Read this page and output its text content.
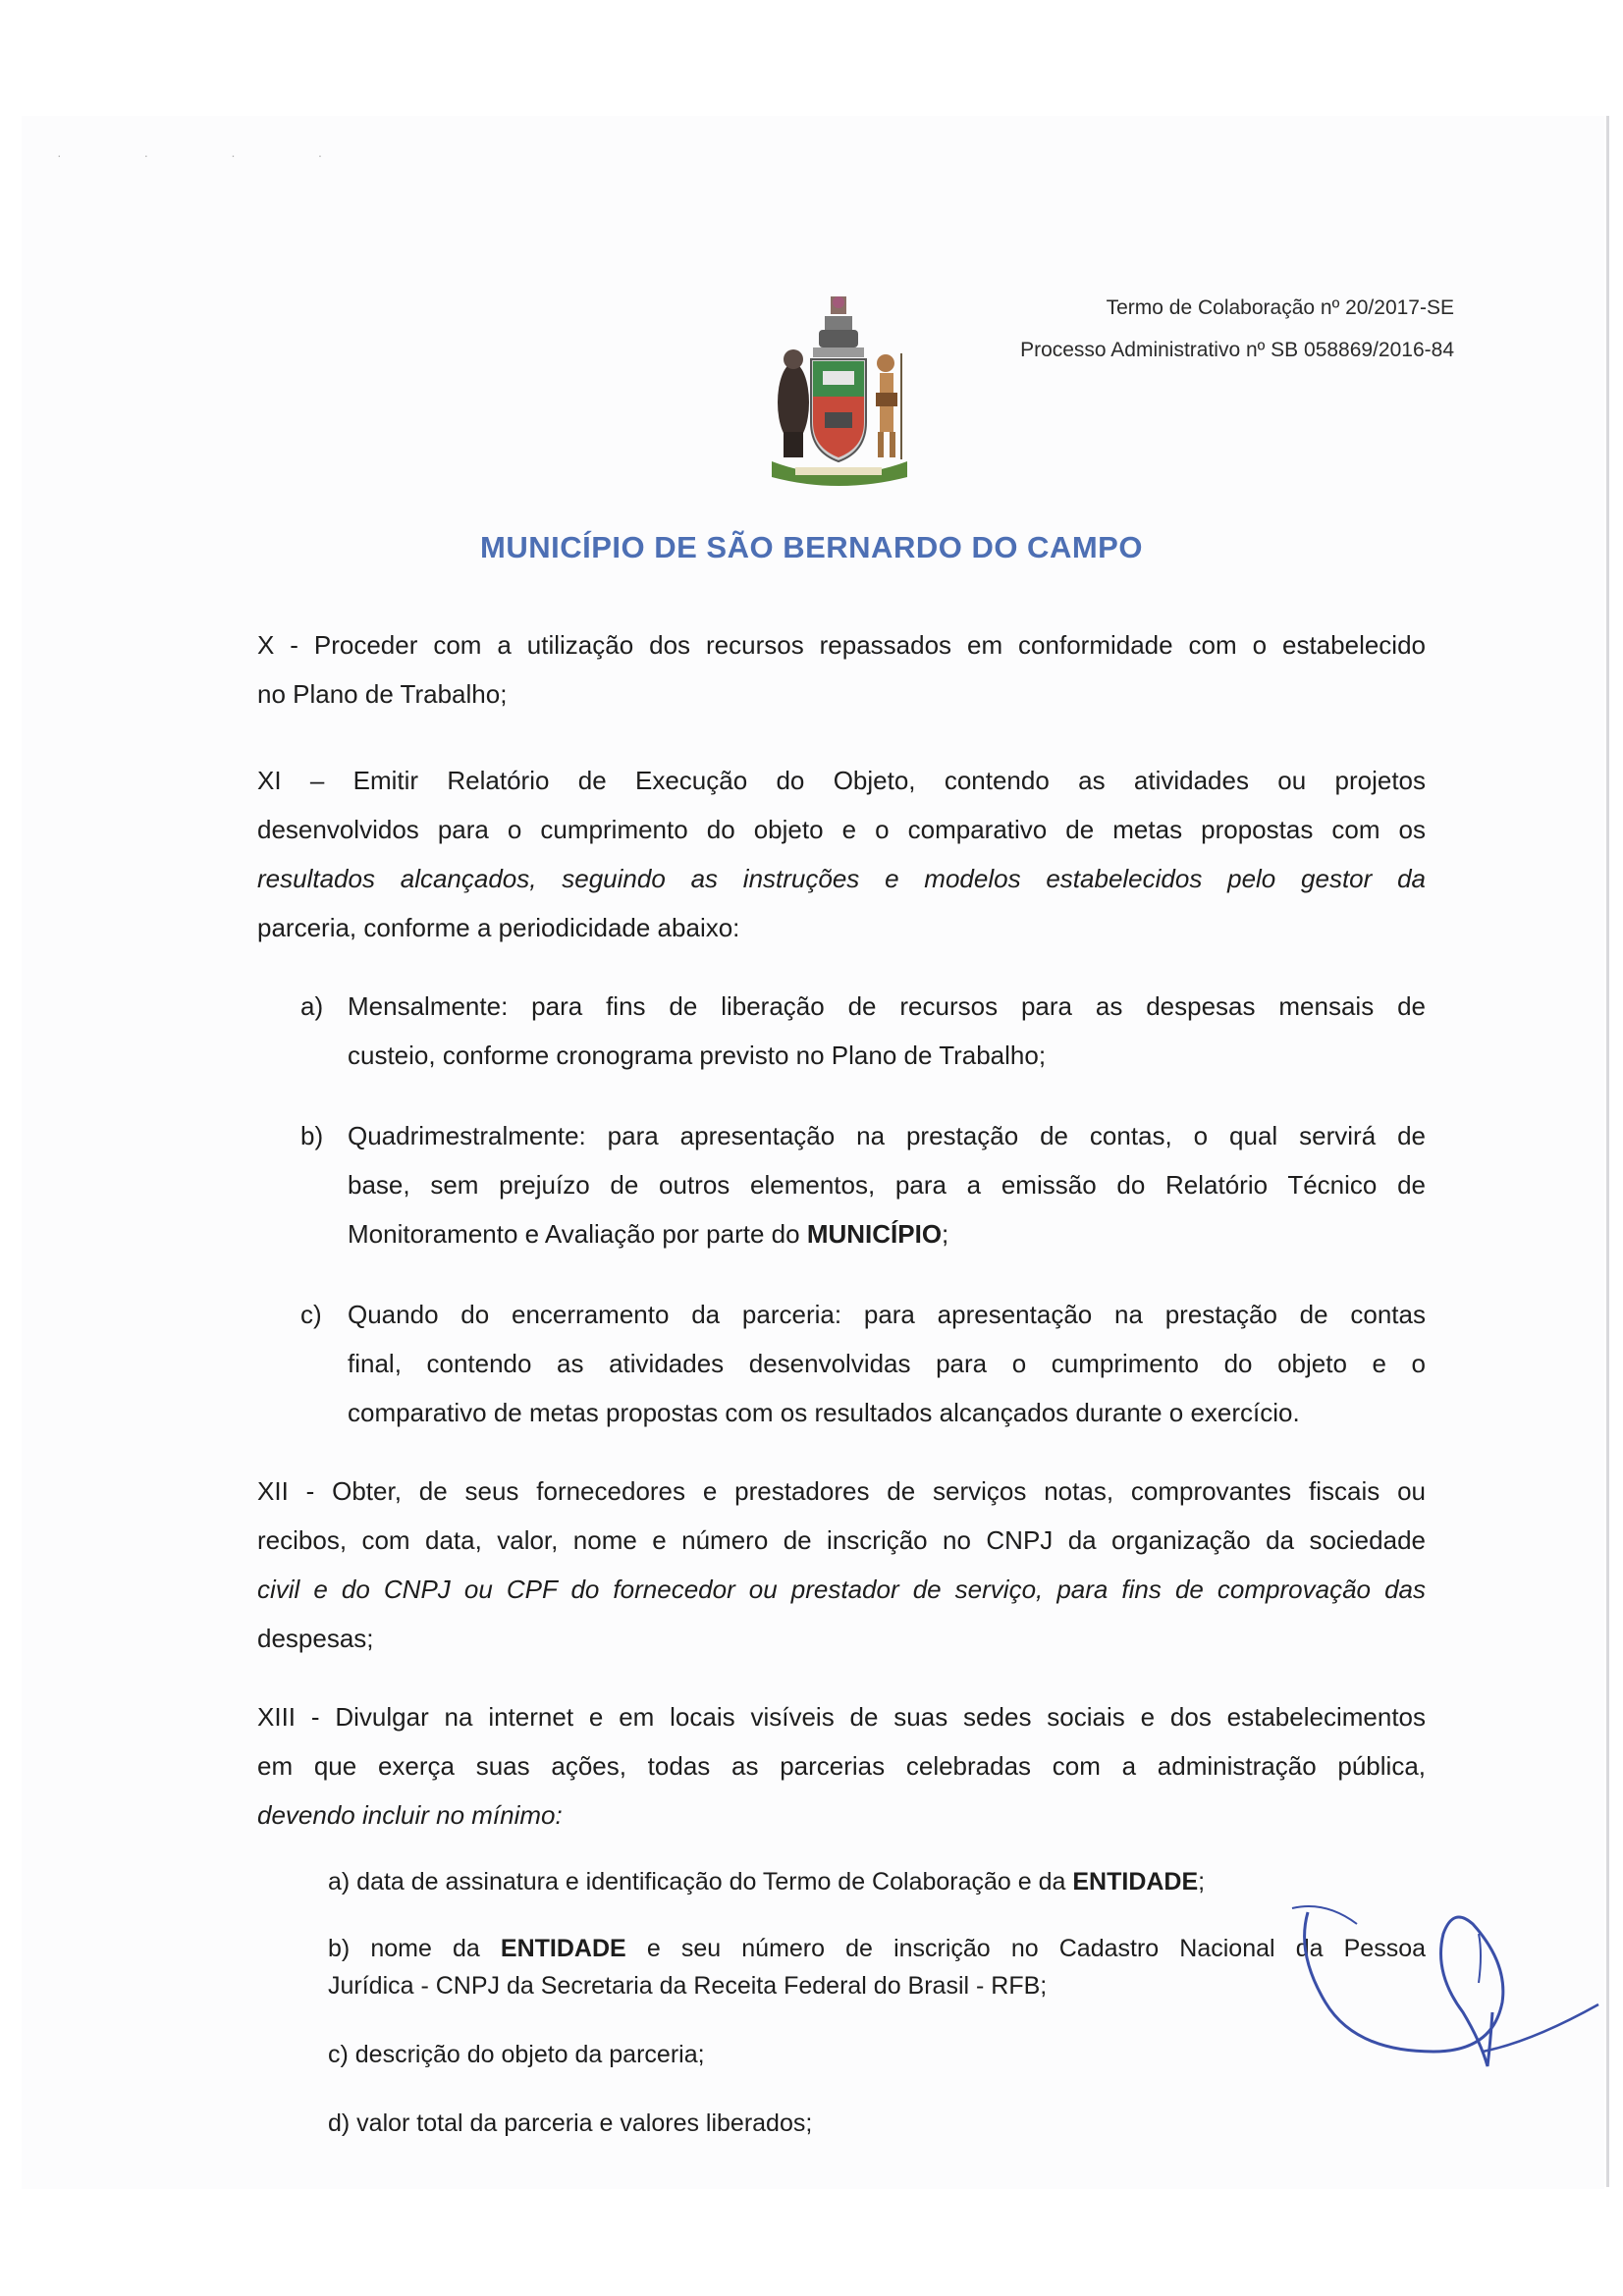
· · · ·
Termo de Colaboração nº 20/2017-SE
Processo Administrativo nº SB 058869/2016-84
MUNICÍPIO DE SÃO BERNARDO DO CAMPO
X - Proceder com a utilização dos recursos repassados em conformidade com o estabelecido
no Plano de Trabalho;
XI – Emitir Relatório de Execução do Objeto, contendo as atividades ou projetos
desenvolvidos para o cumprimento do objeto e o comparativo de metas propostas com os
resultados alcançados, seguindo as instruções e modelos estabelecidos pelo gestor da
parceria, conforme a periodicidade abaixo:
a) Mensalmente: para fins de liberação de recursos para as despesas mensais de
custeio, conforme cronograma previsto no Plano de Trabalho;
b) Quadrimestralmente: para apresentação na prestação de contas, o qual servirá de
base, sem prejuízo de outros elementos, para a emissão do Relatório Técnico de
Monitoramento e Avaliação por parte do MUNICÍPIO;
c) Quando do encerramento da parceria: para apresentação na prestação de contas
final, contendo as atividades desenvolvidas para o cumprimento do objeto e o
comparativo de metas propostas com os resultados alcançados durante o exercício.
XII - Obter, de seus fornecedores e prestadores de serviços notas, comprovantes fiscais ou
recibos, com data, valor, nome e número de inscrição no CNPJ da organização da sociedade
civil e do CNPJ ou CPF do fornecedor ou prestador de serviço, para fins de comprovação das
despesas;
XIII - Divulgar na internet e em locais visíveis de suas sedes sociais e dos estabelecimentos
em que exerça suas ações, todas as parcerias celebradas com a administração pública,
devendo incluir no mínimo:
a) data de assinatura e identificação do Termo de Colaboração e da ENTIDADE;
b) nome da ENTIDADE e seu número de inscrição no Cadastro Nacional da Pessoa
Jurídica - CNPJ da Secretaria da Receita Federal do Brasil - RFB;
c) descrição do objeto da parceria;
d) valor total da parceria e valores liberados;
